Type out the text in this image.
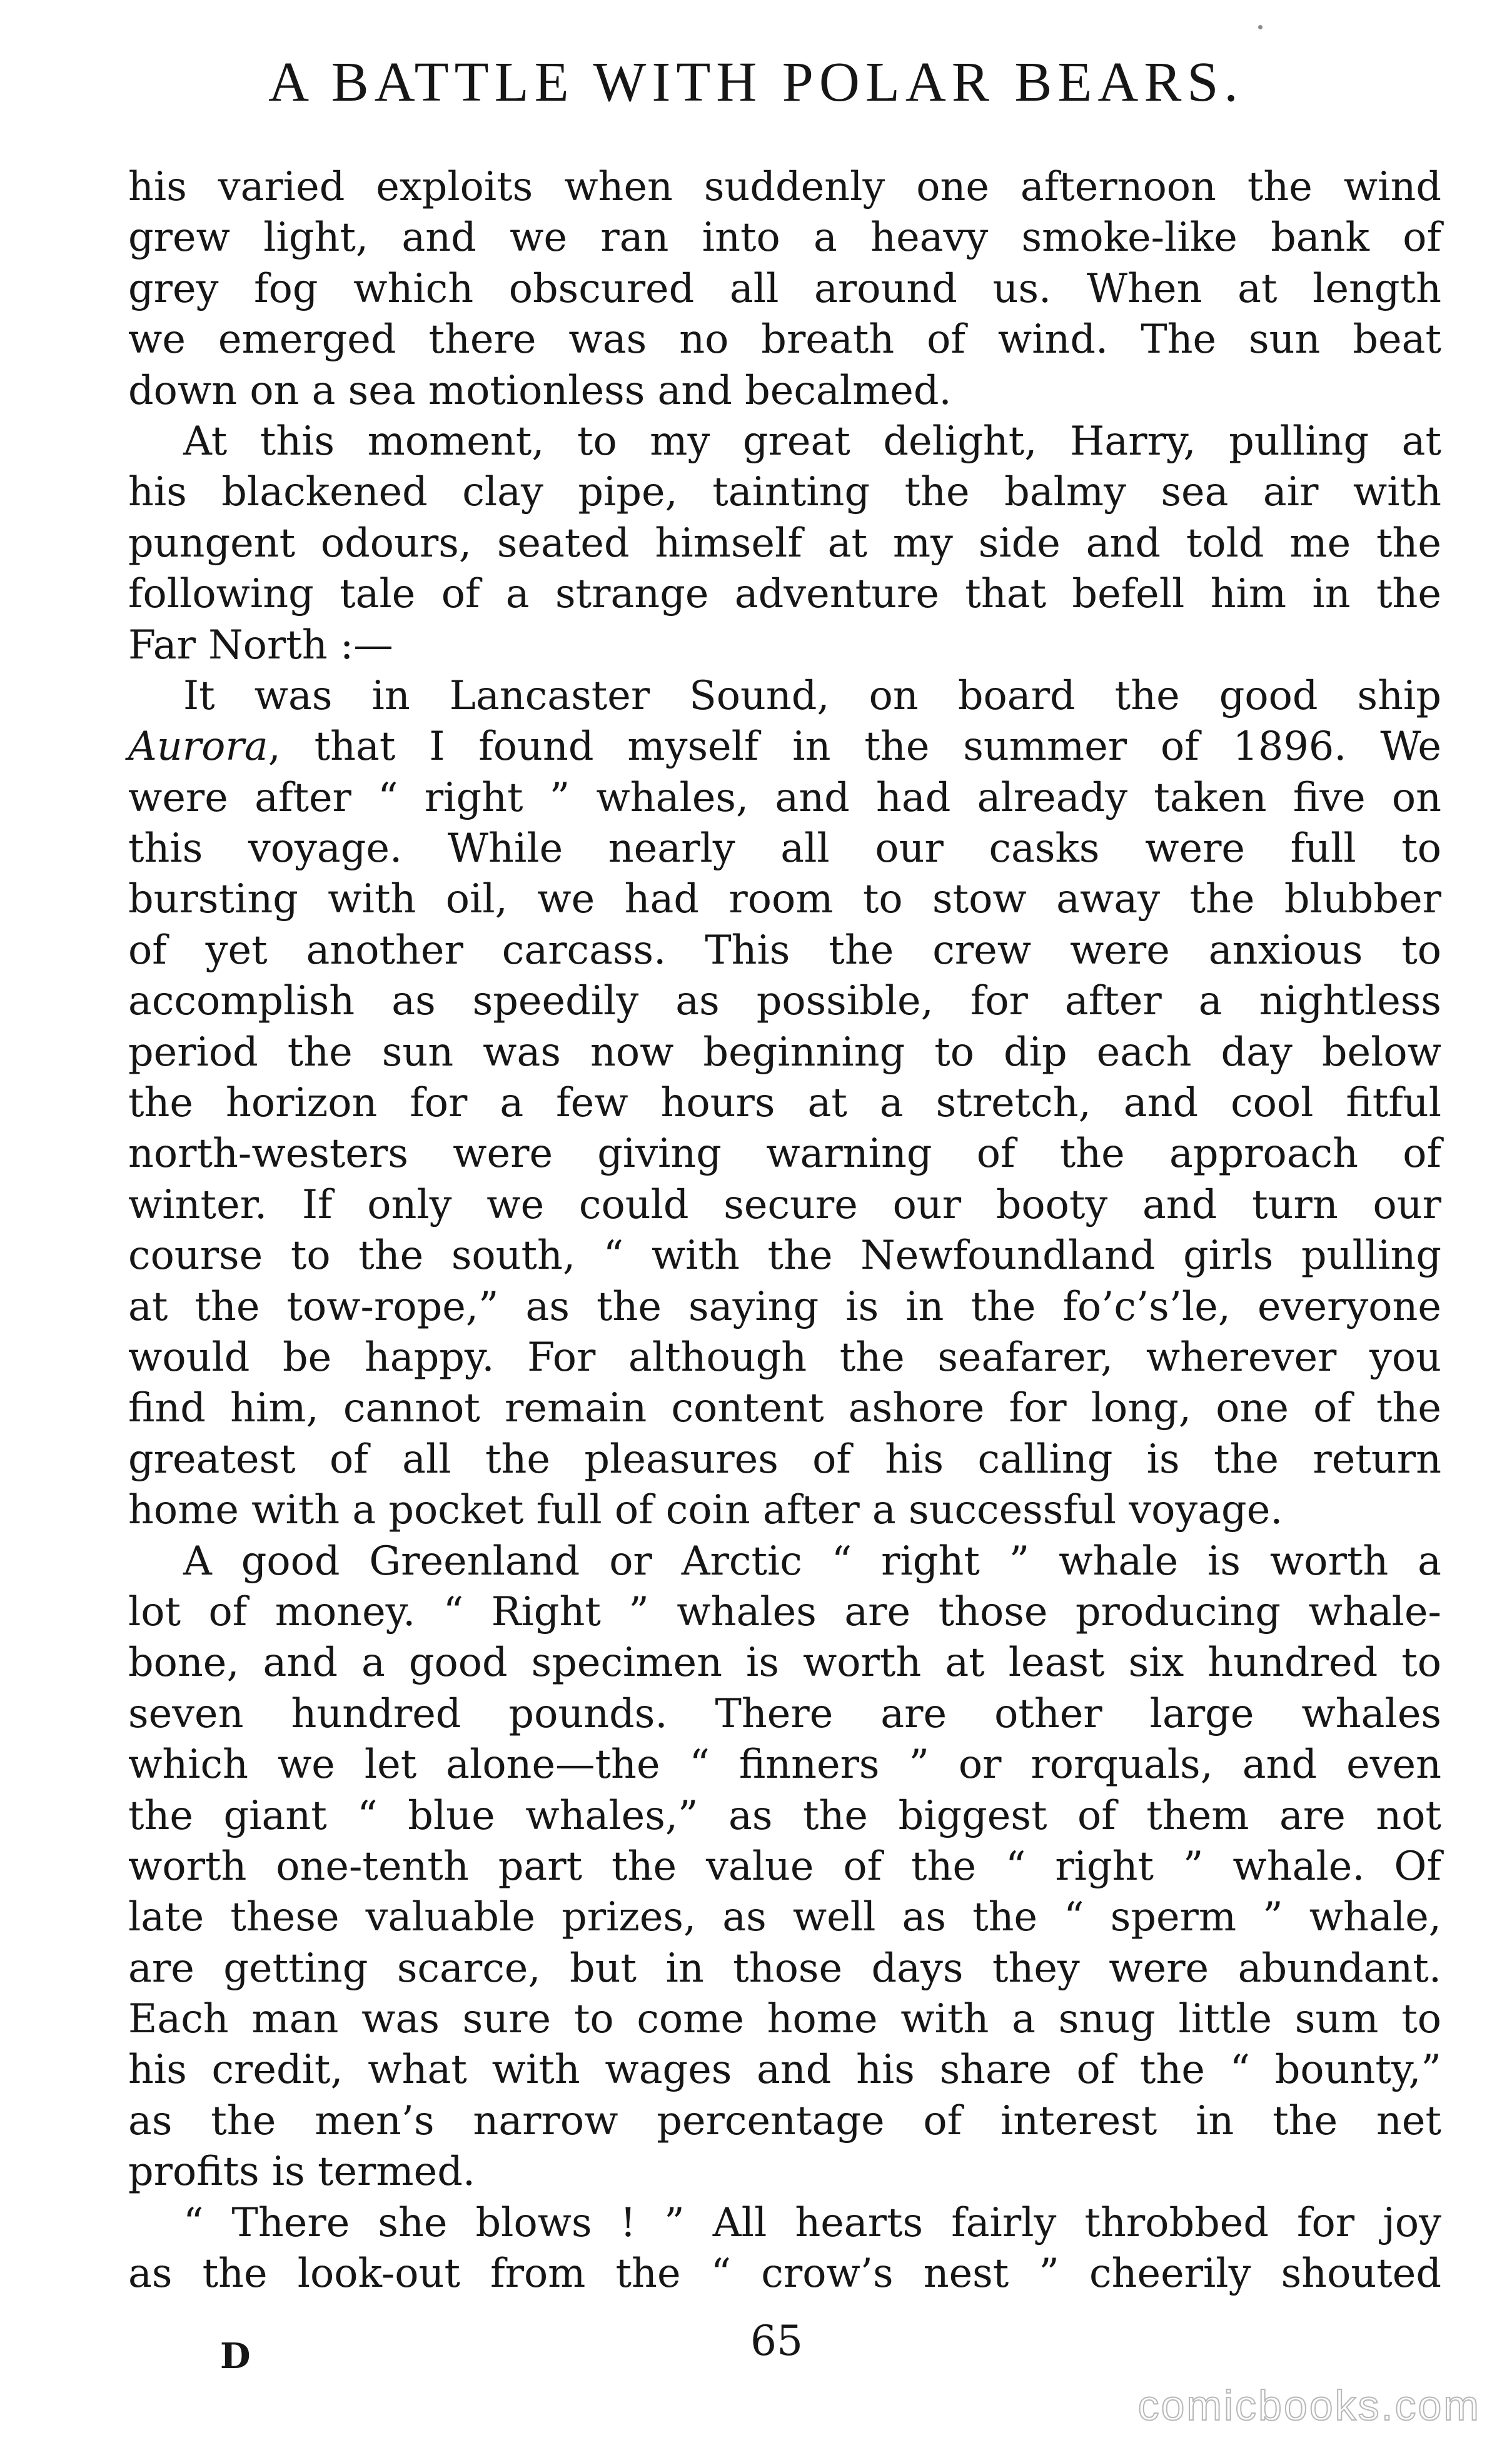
A BATTLE WITH POLAR BEARS.
his varied exploits when suddenly one afternoon the wind
grew light, and we ran into a heavy smoke-like bank of
grey fog which obscured all around us. When at length
we emerged there was no breath of wind. The sun beat
down on a sea motionless and becalmed.
At this moment, to my great delight, Harry, pulling at
his blackened clay pipe, tainting the balmy sea air with
pungent odours, seated himself at my side and told me the
following tale of a strange adventure that befell him in the
Far North :—
It was in Lancaster Sound, on board the good ship
Aurora, that I found myself in the summer of 1896. We
were after “ right ” whales, and had already taken five on
this voyage. While nearly all our casks were full to
bursting with oil, we had room to stow away the blubber
of yet another carcass. This the crew were anxious to
accomplish as speedily as possible, for after a nightless
period the sun was now beginning to dip each day below
the horizon for a few hours at a stretch, and cool fitful
north-westers were giving warning of the approach of
winter. If only we could secure our booty and turn our
course to the south, “ with the Newfoundland girls pulling
at the tow-rope,” as the saying is in the fo’c’s’le, everyone
would be happy. For although the seafarer, wherever you
find him, cannot remain content ashore for long, one of the
greatest of all the pleasures of his calling is the return
home with a pocket full of coin after a successful voyage.
A good Greenland or Arctic “ right ” whale is worth a
lot of money. “ Right ” whales are those producing whale-
bone, and a good specimen is worth at least six hundred to
seven hundred pounds. There are other large whales
which we let alone—the “ finners ” or rorquals, and even
the giant “ blue whales,” as the biggest of them are not
worth one-tenth part the value of the “ right ” whale. Of
late these valuable prizes, as well as the “ sperm ” whale,
are getting scarce, but in those days they were abundant.
Each man was sure to come home with a snug little sum to
his credit, what with wages and his share of the “ bounty,”
as the men’s narrow percentage of interest in the net
profits is termed.
“ There she blows ! ” All hearts fairly throbbed for joy
as the look-out from the “ crow’s nest ” cheerily shouted
D	65
comicbooks.com
